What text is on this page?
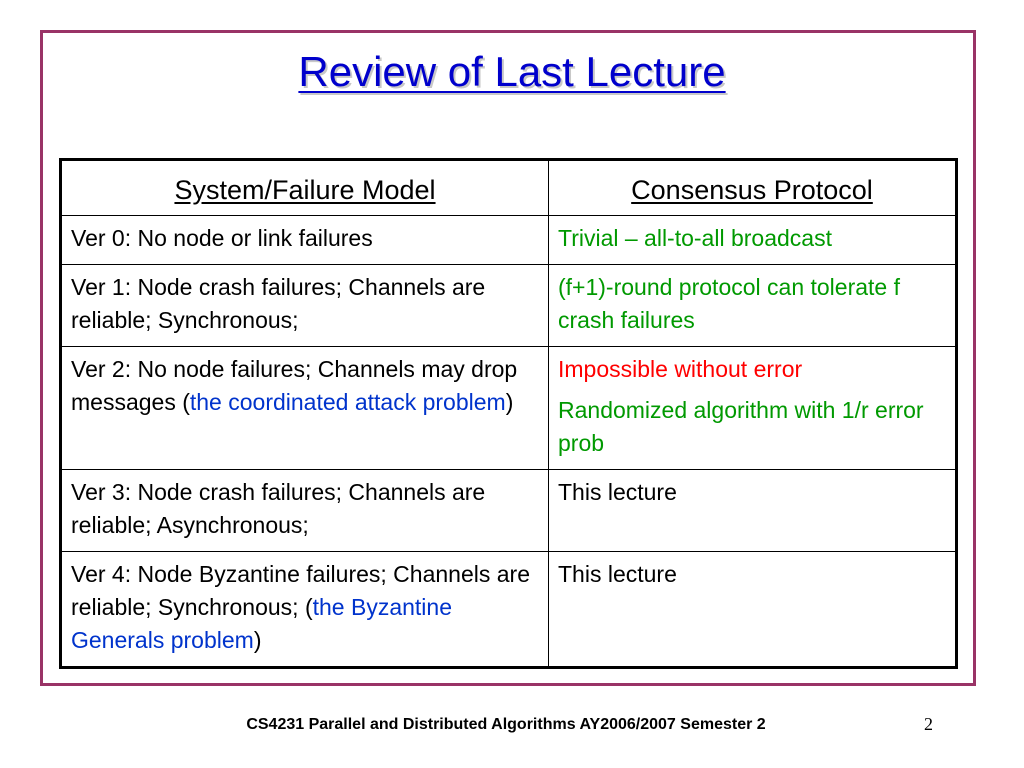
Review of Last Lecture
System/Failure Model	Consensus Protocol
Ver 0: No node or link failures	Trivial – all-to-all broadcast

Ver 1: Node crash failures; Channels are reliable; Synchronous;	(f+1)-round protocol can tolerate f crash failures

Ver 2: No node failures; Channels may drop messages (the coordinated attack problem)	Impossible without error
Randomized algorithm with 1/r error prob

Ver 3: Node crash failures; Channels are reliable; Asynchronous;	This lecture

Ver 4: Node Byzantine failures; Channels are reliable; Synchronous; (the Byzantine Generals problem)	This lecture
CS4231 Parallel and Distributed Algorithms AY2006/2007 Semester 2	2
